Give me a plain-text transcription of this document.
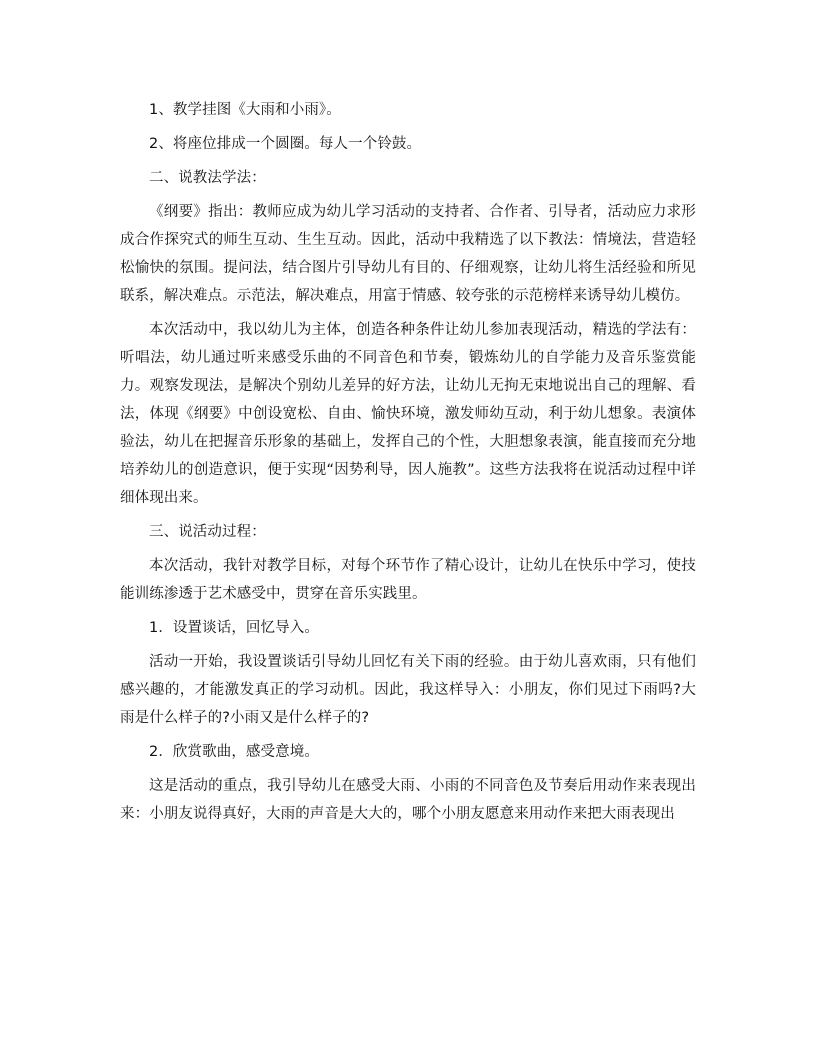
1、教学挂图《大雨和小雨》。

2、将座位排成一个圆圈。每人一个铃鼓。

二、说教法学法：

《纲要》指出：教师应成为幼儿学习活动的支持者、合作者、引导者，活动应力求形成合作探究式的师生互动、生生互动。因此，活动中我精选了以下教法：情境法，营造轻松愉快的氛围。提问法，结合图片引导幼儿有目的、仔细观察，让幼儿将生活经验和所见联系，解决难点。示范法，解决难点，用富于情感、较夸张的示范榜样来诱导幼儿模仿。

本次活动中，我以幼儿为主体，创造各种条件让幼儿参加表现活动，精选的学法有：听唱法，幼儿通过听来感受乐曲的不同音色和节奏，锻炼幼儿的自学能力及音乐鉴赏能力。观察发现法，是解决个别幼儿差异的好方法，让幼儿无拘无束地说出自己的理解、看法，体现《纲要》中创设宽松、自由、愉快环境，激发师幼互动，利于幼儿想象。表演体验法，幼儿在把握音乐形象的基础上，发挥自己的个性，大胆想象表演，能直接而充分地培养幼儿的创造意识，便于实现“因势利导，因人施教”。这些方法我将在说活动过程中详细体现出来。

三、说活动过程：

本次活动，我针对教学目标，对每个环节作了精心设计，让幼儿在快乐中学习，使技能训练渗透于艺术感受中，贯穿在音乐实践里。

1．设置谈话，回忆导入。

活动一开始，我设置谈话引导幼儿回忆有关下雨的经验。由于幼儿喜欢雨，只有他们感兴趣的，才能激发真正的学习动机。因此，我这样导入：小朋友，你们见过下雨吗?大雨是什么样子的?小雨又是什么样子的?

2．欣赏歌曲，感受意境。

这是活动的重点，我引导幼儿在感受大雨、小雨的不同音色及节奏后用动作来表现出来：小朋友说得真好，大雨的声音是大大的，哪个小朋友愿意来用动作来把大雨表现出
